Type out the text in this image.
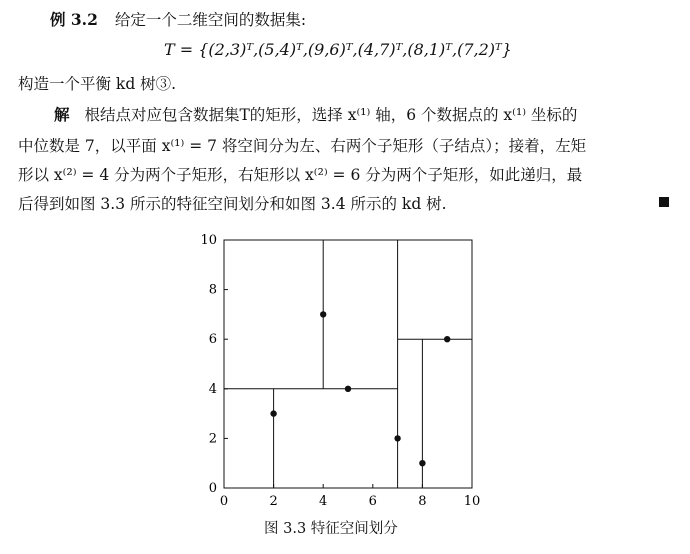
例 3.2 给定一个二维空间的数据集:
T = {(2,3)ᵀ,(5,4)ᵀ,(9,6)ᵀ,(4,7)ᵀ,(8,1)ᵀ,(7,2)ᵀ}
构造一个平衡 kd 树③.
解 根结点对应包含数据集T的矩形，选择 x⁽¹⁾ 轴，6 个数据点的 x⁽¹⁾ 坐标的
中位数是 7，以平面 x⁽¹⁾ = 7 将空间分为左、右两个子矩形（子结点）；接着，左矩
形以 x⁽²⁾ = 4 分为两个子矩形，右矩形以 x⁽²⁾ = 6 分为两个子矩形，如此递归，最
后得到如图 3.3 所示的特征空间划分和如图 3.4 所示的 kd 树.
0	2	4	6	8	10
0
2
4
6
8
10
图 3.3 特征空间划分
